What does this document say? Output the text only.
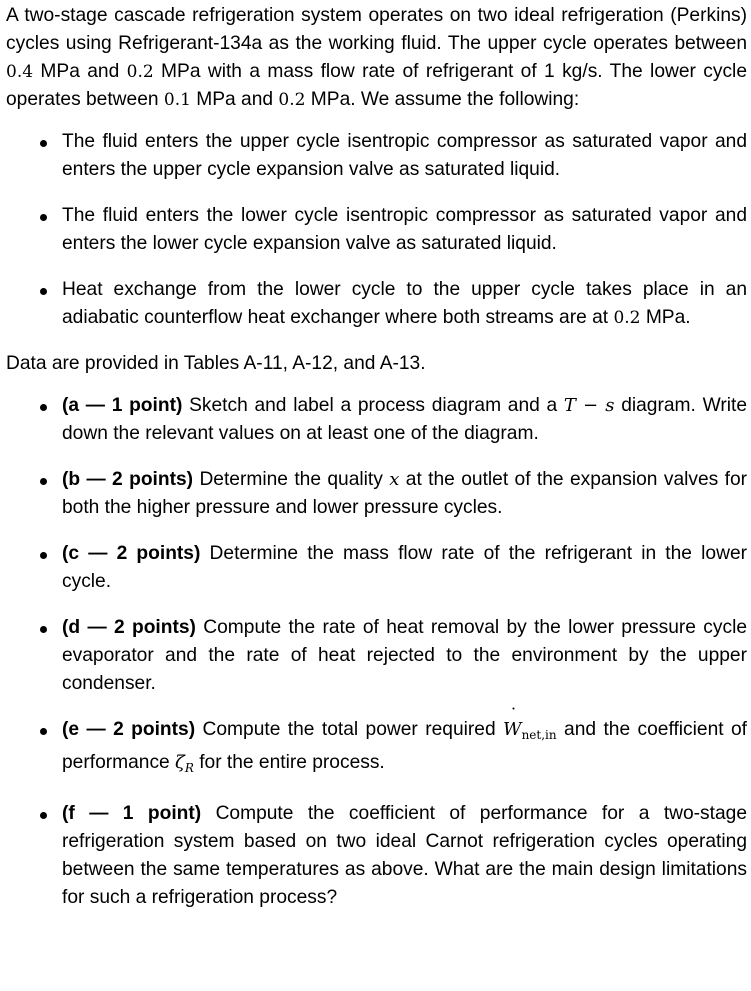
A two-stage cascade refrigeration system operates on two ideal refrigeration (Perkins) cycles using Refrigerant-134a as the working fluid. The upper cycle operates between 0.4 MPa and 0.2 MPa with a mass flow rate of refrigerant of 1 kg/s. The lower cycle operates between 0.1 MPa and 0.2 MPa. We assume the following:

The fluid enters the upper cycle isentropic compressor as saturated vapor and enters the upper cycle expansion valve as saturated liquid.
The fluid enters the lower cycle isentropic compressor as saturated vapor and enters the lower cycle expansion valve as saturated liquid.
Heat exchange from the lower cycle to the upper cycle takes place in an adiabatic counterflow heat exchanger where both streams are at 0.2 MPa.

Data are provided in Tables A-11, A-12, and A-13.

(a — 1 point) Sketch and label a process diagram and a T − s diagram. Write down the relevant values on at least one of the diagram.
(b — 2 points) Determine the quality x at the outlet of the expansion valves for both the higher pressure and lower pressure cycles.
(c — 2 points) Determine the mass flow rate of the refrigerant in the lower cycle.
(d — 2 points) Compute the rate of heat removal by the lower pressure cycle evaporator and the rate of heat rejected to the environment by the upper condenser.
(e — 2 points) Compute the total power required W $˙_{net,in}$ and the coefficient of performance $\zeta_R$ for the entire process.
(f — 1 point) Compute the coefficient of performance for a two-stage refrigeration system based on two ideal Carnot refrigeration cycles operating between the same temperatures as above. What are the main design limitations for such a refrigeration process?
